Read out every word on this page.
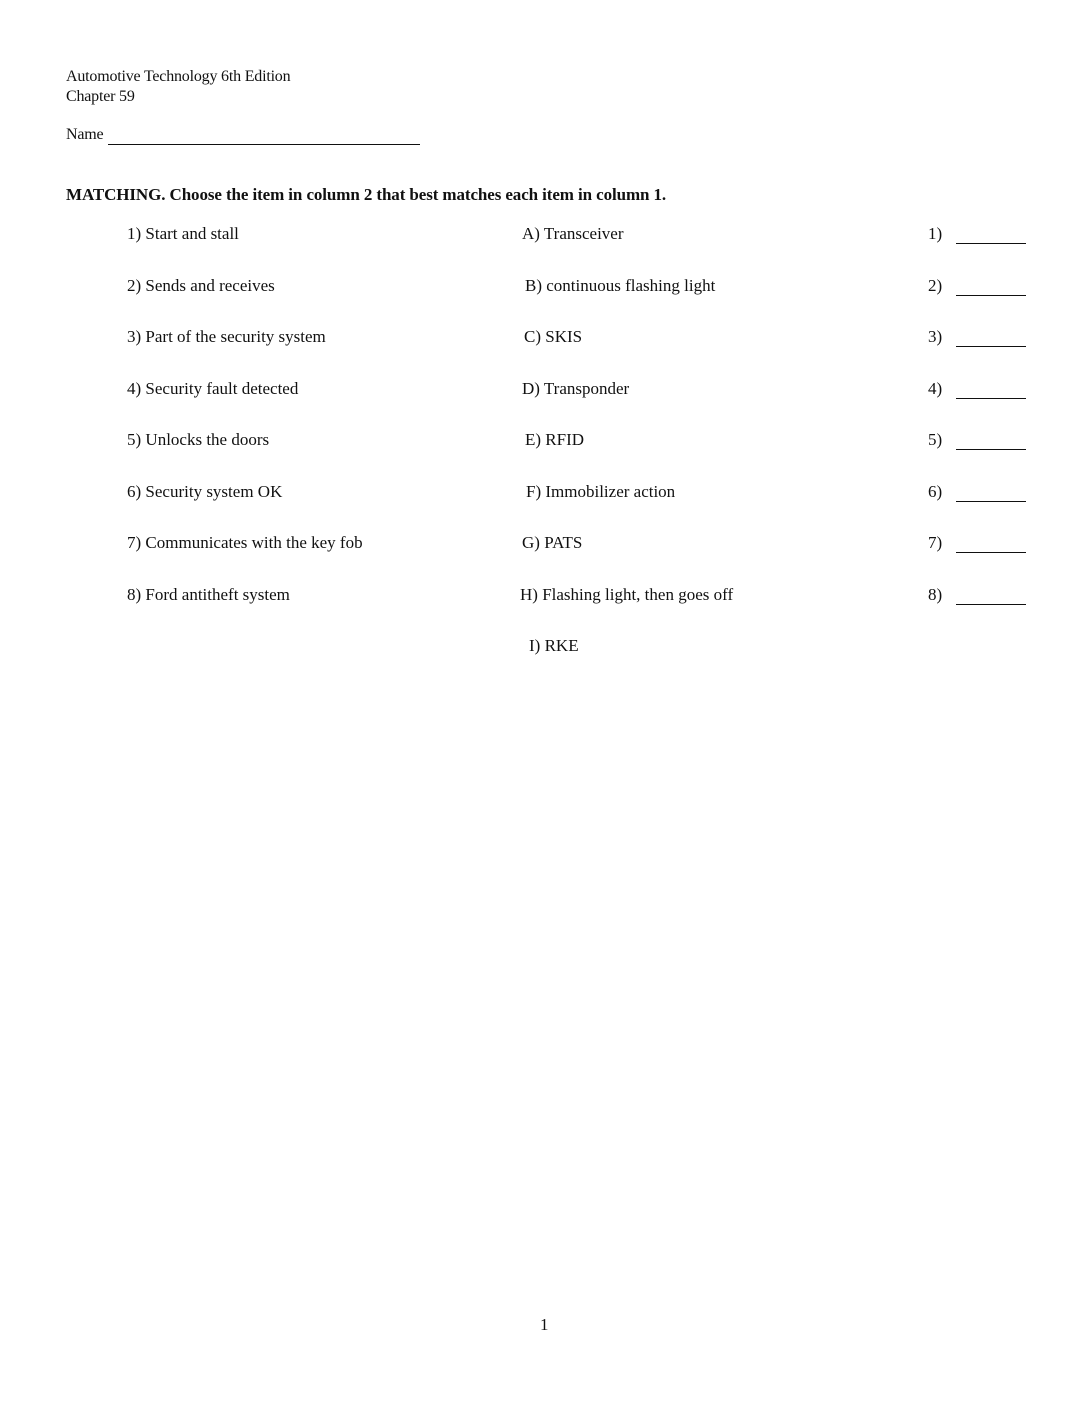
Automotive Technology 6th Edition
Chapter 59
Name
MATCHING. Choose the item in column 2 that best matches each item in column 1.
1) Start and stall
2) Sends and receives
3) Part of the security system
4) Security fault detected
5) Unlocks the doors
6) Security system OK
7) Communicates with the key fob
8) Ford antitheft system
A) Transceiver
B) continuous flashing light
C) SKIS
D) Transponder
E) RFID
F) Immobilizer action
G) PATS
H) Flashing light, then goes off
I) RKE
1)
2)
3)
4)
5)
6)
7)
8)
1
